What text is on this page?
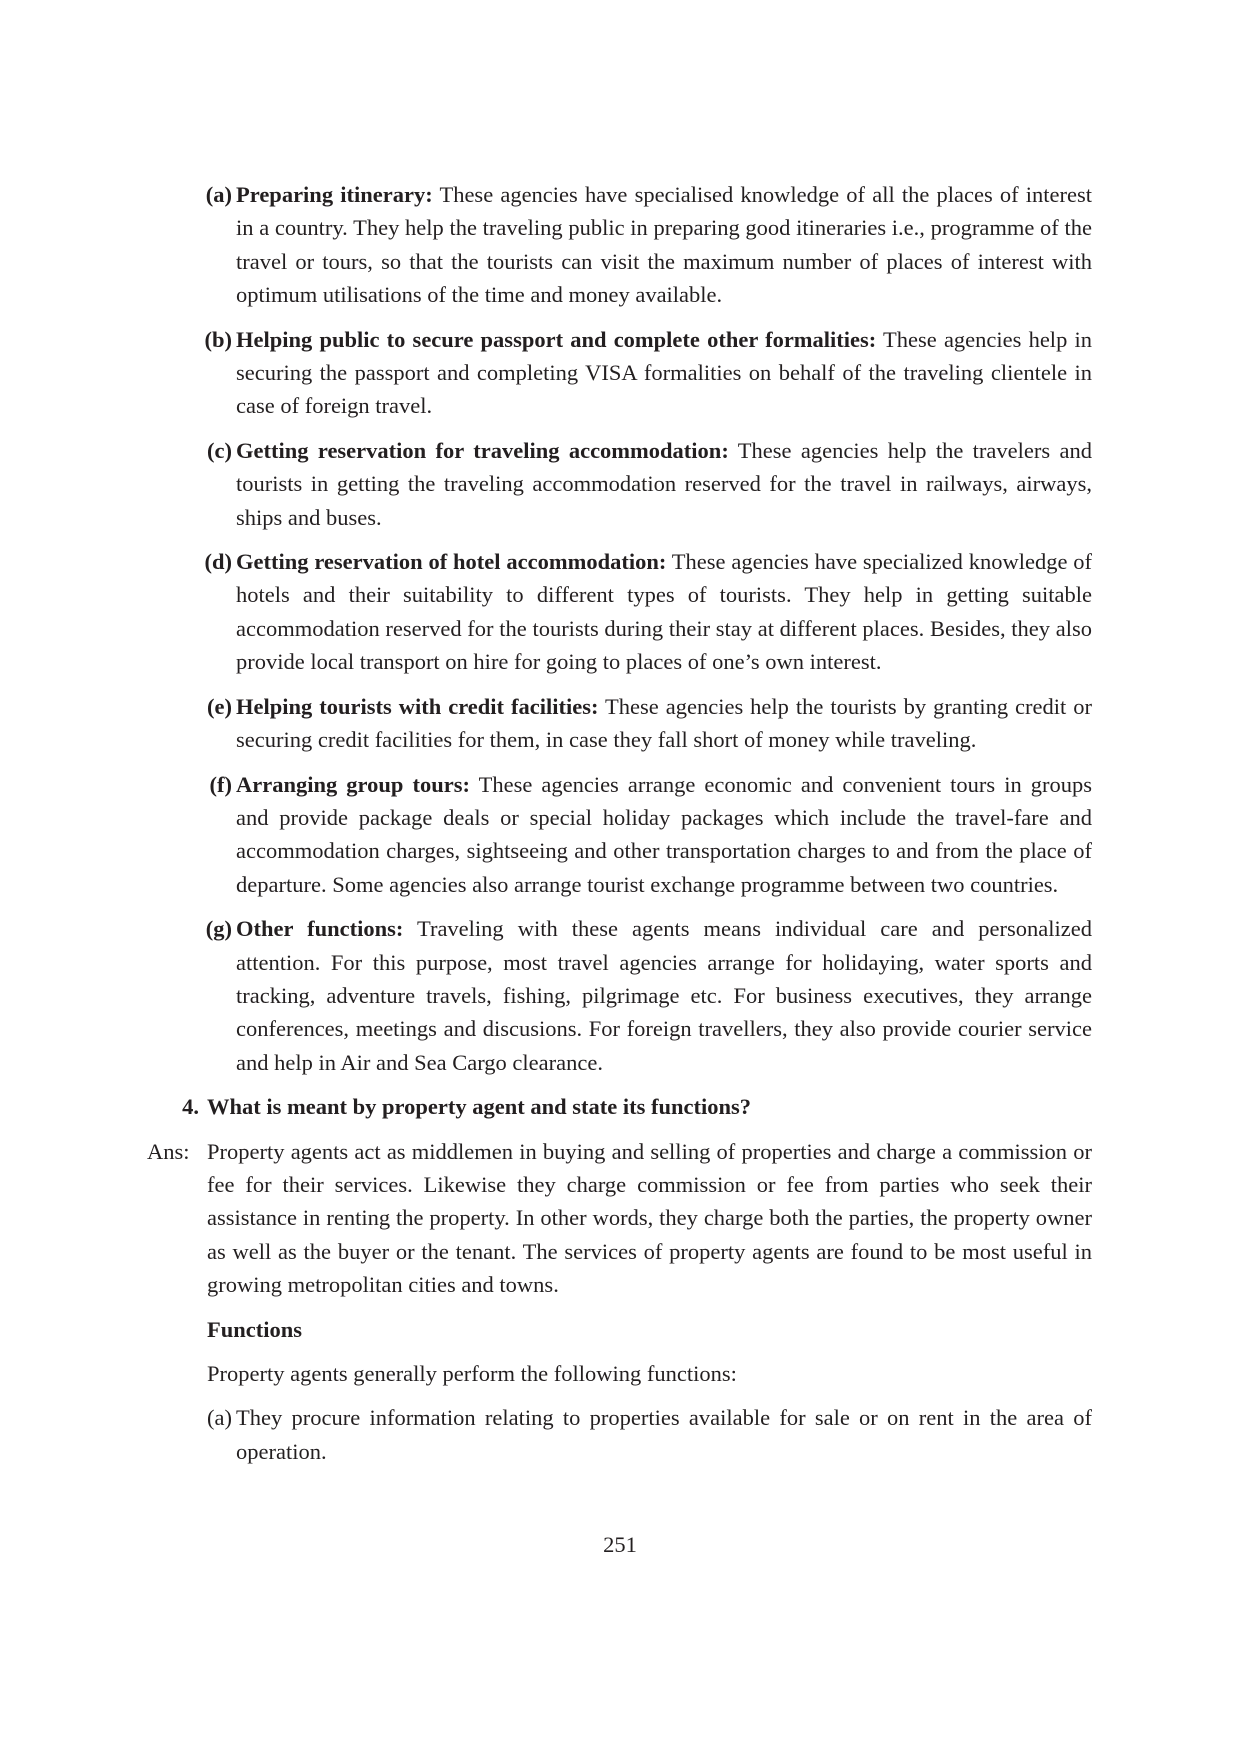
(a) Preparing itinerary: These agencies have specialised knowledge of all the places of interest in a country. They help the traveling public in preparing good itineraries i.e., programme of the travel or tours, so that the tourists can visit the maximum number of places of interest with optimum utilisations of the time and money available.
(b) Helping public to secure passport and complete other formalities: These agencies help in securing the passport and completing VISA formalities on behalf of the traveling clientele in case of foreign travel.
(c) Getting reservation for traveling accommodation: These agencies help the travelers and tourists in getting the traveling accommodation reserved for the travel in railways, airways, ships and buses.
(d) Getting reservation of hotel accommodation: These agencies have specialized knowledge of hotels and their suitability to different types of tourists. They help in getting suitable accommodation reserved for the tourists during their stay at different places. Besides, they also provide local transport on hire for going to places of one’s own interest.
(e) Helping tourists with credit facilities: These agencies help the tourists by granting credit or securing credit facilities for them, in case they fall short of money while traveling.
(f) Arranging group tours: These agencies arrange economic and convenient tours in groups and provide package deals or special holiday packages which include the travel-fare and accommodation charges, sightseeing and other transportation charges to and from the place of departure. Some agencies also arrange tourist exchange programme between two countries.
(g) Other functions: Traveling with these agents means individual care and personalized attention. For this purpose, most travel agencies arrange for holidaying, water sports and tracking, adventure travels, fishing, pilgrimage etc. For business executives, they arrange conferences, meetings and discusions. For foreign travellers, they also provide courier service and help in Air and Sea Cargo clearance.
4. What is meant by property agent and state its functions?
Ans: Property agents act as middlemen in buying and selling of properties and charge a commission or fee for their services. Likewise they charge commission or fee from parties who seek their assistance in renting the property. In other words, they charge both the parties, the property owner as well as the buyer or the tenant. The services of property agents are found to be most useful in growing metropolitan cities and towns.
Functions
Property agents generally perform the following functions:
(a) They procure information relating to properties available for sale or on rent in the area of operation.
251
